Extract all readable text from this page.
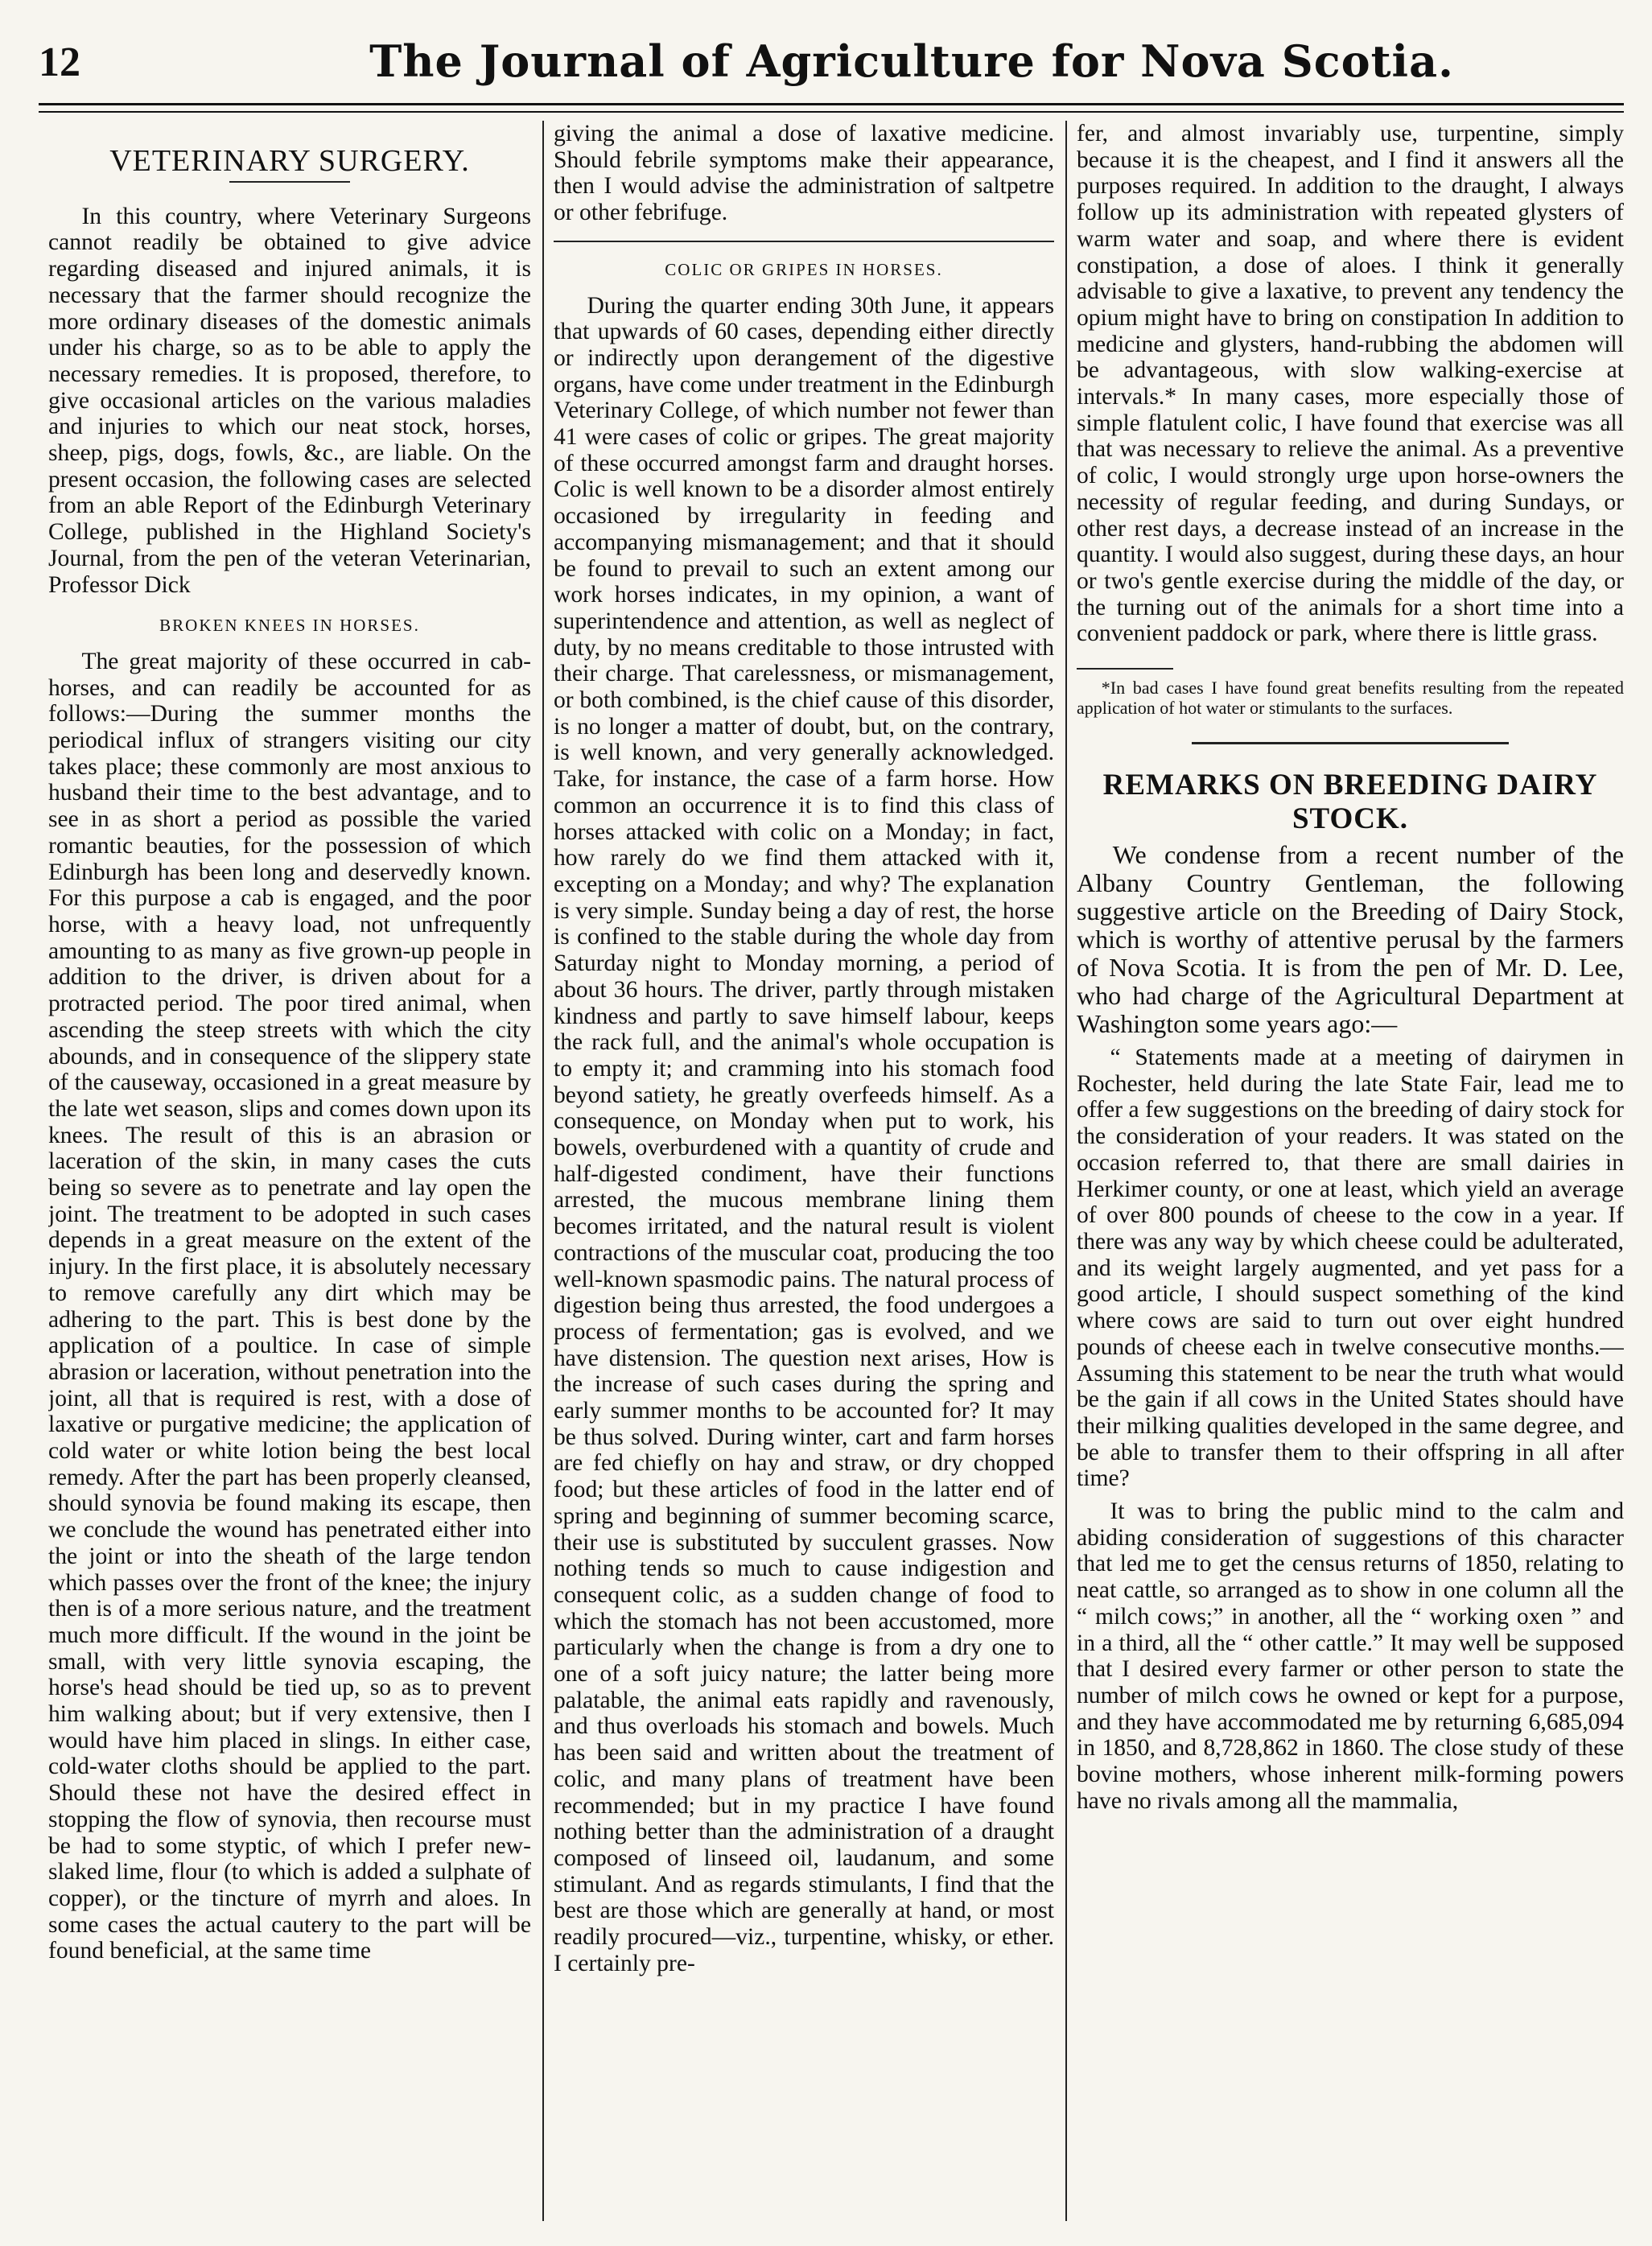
12	The Journal of Agriculture for Nova Scotia.
VETERINARY SURGERY.

In this country, where Veterinary Surgeons cannot readily be obtained to give advice regarding diseased and injured animals, it is necessary that the farmer should recognize the more ordinary diseases of the domestic animals under his charge, so as to be able to apply the necessary remedies. It is proposed, therefore, to give occasional articles on the various maladies and injuries to which our neat stock, horses, sheep, pigs, dogs, fowls, &c., are liable. On the present occasion, the following cases are selected from an able Report of the Edinburgh Veterinary College, published in the Highland Society's Journal, from the pen of the veteran Veterinarian, Professor Dick

BROKEN KNEES IN HORSES.

The great majority of these occurred in cab-horses, and can readily be accounted for as follows:—During the summer months the periodical influx of strangers visiting our city takes place; these commonly are most anxious to husband their time to the best advantage, and to see in as short a period as possible the varied romantic beauties, for the possession of which Edinburgh has been long and deservedly known. For this purpose a cab is engaged, and the poor horse, with a heavy load, not unfrequently amounting to as many as five grown-up people in addition to the driver, is driven about for a protracted period. The poor tired animal, when ascending the steep streets with which the city abounds, and in consequence of the slippery state of the causeway, occasioned in a great measure by the late wet season, slips and comes down upon its knees. The result of this is an abrasion or laceration of the skin, in many cases the cuts being so severe as to penetrate and lay open the joint. The treatment to be adopted in such cases depends in a great measure on the extent of the injury. In the first place, it is absolutely necessary to remove carefully any dirt which may be adhering to the part. This is best done by the application of a poultice. In case of simple abrasion or laceration, without penetration into the joint, all that is required is rest, with a dose of laxative or purgative medicine; the application of cold water or white lotion being the best local remedy. After the part has been properly cleansed, should synovia be found making its escape, then we conclude the wound has penetrated either into the joint or into the sheath of the large tendon which passes over the front of the knee; the injury then is of a more serious nature, and the treatment much more difficult. If the wound in the joint be small, with very little synovia escaping, the horse's head should be tied up, so as to prevent him walking about; but if very extensive, then I would have him placed in slings. In either case, cold-water cloths should be applied to the part. Should these not have the desired effect in stopping the flow of synovia, then recourse must be had to some styptic, of which I prefer new-slaked lime, flour (to which is added a sulphate of copper), or the tincture of myrrh and aloes. In some cases the actual cautery to the part will be found beneficial, at the same time

giving the animal a dose of laxative medicine. Should febrile symptoms make their appearance, then I would advise the administration of saltpetre or other febrifuge.

COLIC OR GRIPES IN HORSES.

During the quarter ending 30th June, it appears that upwards of 60 cases, depending either directly or indirectly upon derangement of the digestive organs, have come under treatment in the Edinburgh Veterinary College, of which number not fewer than 41 were cases of colic or gripes. The great majority of these occurred amongst farm and draught horses. Colic is well known to be a disorder almost entirely occasioned by irregularity in feeding and accompanying mismanagement; and that it should be found to prevail to such an extent among our work horses indicates, in my opinion, a want of superintendence and attention, as well as neglect of duty, by no means creditable to those intrusted with their charge. That carelessness, or mismanagement, or both combined, is the chief cause of this disorder, is no longer a matter of doubt, but, on the contrary, is well known, and very generally acknowledged. Take, for instance, the case of a farm horse. How common an occurrence it is to find this class of horses attacked with colic on a Monday; in fact, how rarely do we find them attacked with it, excepting on a Monday; and why? The explanation is very simple. Sunday being a day of rest, the horse is confined to the stable during the whole day from Saturday night to Monday morning, a period of about 36 hours. The driver, partly through mistaken kindness and partly to save himself labour, keeps the rack full, and the animal's whole occupation is to empty it; and cramming into his stomach food beyond satiety, he greatly overfeeds himself. As a consequence, on Monday when put to work, his bowels, overburdened with a quantity of crude and half-digested condiment, have their functions arrested, the mucous membrane lining them becomes irritated, and the natural result is violent contractions of the muscular coat, producing the too well-known spasmodic pains. The natural process of digestion being thus arrested, the food undergoes a process of fermentation; gas is evolved, and we have distension. The question next arises, How is the increase of such cases during the spring and early summer months to be accounted for? It may be thus solved. During winter, cart and farm horses are fed chiefly on hay and straw, or dry chopped food; but these articles of food in the latter end of spring and beginning of summer becoming scarce, their use is substituted by succulent grasses. Now nothing tends so much to cause indigestion and consequent colic, as a sudden change of food to which the stomach has not been accustomed, more particularly when the change is from a dry one to one of a soft juicy nature; the latter being more palatable, the animal eats rapidly and ravenously, and thus overloads his stomach and bowels. Much has been said and written about the treatment of colic, and many plans of treatment have been recommended; but in my practice I have found nothing better than the administration of a draught composed of linseed oil, laudanum, and some stimulant. And as regards stimulants, I find that the best are those which are generally at hand, or most readily procured—viz., turpentine, whisky, or ether. I certainly pre-

fer, and almost invariably use, turpentine, simply because it is the cheapest, and I find it answers all the purposes required. In addition to the draught, I always follow up its administration with repeated glysters of warm water and soap, and where there is evident constipation, a dose of aloes. I think it generally advisable to give a laxative, to prevent any tendency the opium might have to bring on constipation In addition to medicine and glysters, hand-rubbing the abdomen will be advantageous, with slow walking-exercise at intervals.* In many cases, more especially those of simple flatulent colic, I have found that exercise was all that was necessary to relieve the animal. As a preventive of colic, I would strongly urge upon horse-owners the necessity of regular feeding, and during Sundays, or other rest days, a decrease instead of an increase in the quantity. I would also suggest, during these days, an hour or two's gentle exercise during the middle of the day, or the turning out of the animals for a short time into a convenient paddock or park, where there is little grass.

*In bad cases I have found great benefits resulting from the repeated application of hot water or stimulants to the surfaces.

REMARKS ON BREEDING DAIRY STOCK.

We condense from a recent number of the Albany Country Gentleman, the following suggestive article on the Breeding of Dairy Stock, which is worthy of attentive perusal by the farmers of Nova Scotia. It is from the pen of Mr. D. Lee, who had charge of the Agricultural Department at Washington some years ago:—

“ Statements made at a meeting of dairymen in Rochester, held during the late State Fair, lead me to offer a few suggestions on the breeding of dairy stock for the consideration of your readers. It was stated on the occasion referred to, that there are small dairies in Herkimer county, or one at least, which yield an average of over 800 pounds of cheese to the cow in a year. If there was any way by which cheese could be adulterated, and its weight largely augmented, and yet pass for a good article, I should suspect something of the kind where cows are said to turn out over eight hundred pounds of cheese each in twelve consecutive months.—Assuming this statement to be near the truth what would be the gain if all cows in the United States should have their milking qualities developed in the same degree, and be able to transfer them to their offspring in all after time?

It was to bring the public mind to the calm and abiding consideration of suggestions of this character that led me to get the census returns of 1850, relating to neat cattle, so arranged as to show in one column all the “ milch cows;” in another, all the “ working oxen ” and in a third, all the “ other cattle.” It may well be supposed that I desired every farmer or other person to state the number of milch cows he owned or kept for a purpose, and they have accommodated me by returning 6,685,094 in 1850, and 8,728,862 in 1860. The close study of these bovine mothers, whose inherent milk-forming powers have no rivals among all the mammalia,
